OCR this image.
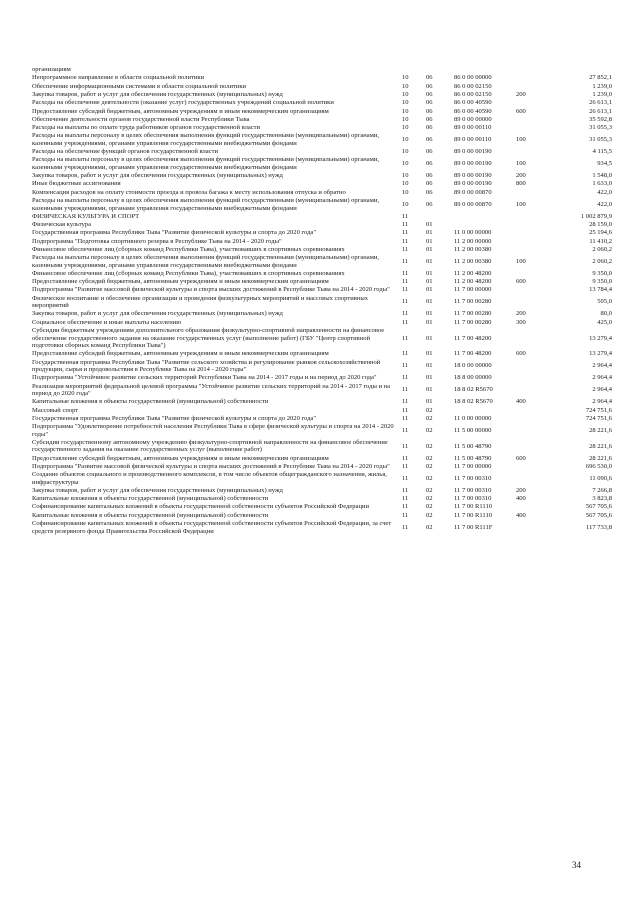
организациям
Непрограммное направление в области социальной политики	10	06	86 0 00 00000	27 852,1
Обеспечение информационными системами в области социальной политики	10	06	86 0 00 02150	1 239,0
Закупка товаров, работ и услуг для обеспечения государственных (муниципальных) нужд	10	06	86 0 00 02150	200	1 239,0
Расходы на обеспечение деятельности (оказание услуг) государственных учреждений социальной политики	10	06	86 0 00 40590	26 613,1
Предоставление субсидий бюджетным, автономным учреждениям и иным некоммерческим организациям	10	06	86 0 00 40590	600	26 613,1
Обеспечение деятельности органов государственной власти Республики Тыва	10	06	89 0 00 00000	35 592,8
Расходы на выплаты по оплате труда работников органов государственной власти	10	06	89 0 00 00110	31 055,3
Расходы на выплаты персоналу в целях обеспечения выполнения функций государственными (муниципальными) органами, казенными учреждениями, органами управления государственными внебюджетными фондами
10	06	89 0 00 00110	100	31 055,3
Расходы на обеспечение функций органов государственной власти	10	06	89 0 00 00190	4 115,5
Расходы на выплаты персоналу в целях обеспечения выполнения функций государственными (муниципальными) органами, казенными учреждениями, органами управления государственными внебюджетными фондами
10	06	89 0 00 00190	100	934,5
Закупка товаров, работ и услуг для обеспечения государственных (муниципальных) нужд	10	06	89 0 00 00190	200	1 548,0
Иные бюджетные ассигнования	10	06	89 0 00 00190	800	1 633,0
Компенсация расходов на оплату стоимости проезда и провоза багажа к месту использования отпуска и обратно	10	06	89 0 00 00870	422,0
Расходы на выплаты персоналу в целях обеспечения выполнения функций государственными (муниципальными) органами, казенными учреждениями, органами управления государственными внебюджетными фондами
10	06	89 0 00 00870	100	422,0
ФИЗИЧЕСКАЯ КУЛЬТУРА И СПОРТ	11	1 002 879,9
Физическая культура	11	01	28 159,0
Государственная программа Республики Тыва "Развитие физической культуры и спорта до 2020 года"	11	01	11 0 00 00000	25 194,6
Подпрограмма "Подготовка спортивного резерва в Республике Тыва на 2014 - 2020 годы"	11	01	11 2 00 00000	11 410,2
Финансовое обеспечение лиц (сборных команд Республики Тыва), участвовавших в спортивных соревнованиях	11	01	11 2 00 00380	2 060,2
Расходы на выплаты персоналу в целях обеспечения выполнения функций государственными (муниципальными) органами, казенными учреждениями, органами управления государственными внебюджетными фондами
11	01	11 2 00 00380	100	2 060,2
Финансовое обеспечение лиц (сборных команд Республики Тыва), участвовавших в спортивных соревнованиях	11	01	11 2 00 48200	9 350,0
Предоставление субсидий бюджетным, автономным учреждениям и иным некоммерческим организациям	11	01	11 2 00 48200	600	9 350,0
Подпрограмма "Развитие массовой физической культуры и спорта высших достижений в Республике Тыва на 2014 - 2020 годы"	11	01	11 7 00 00000	13 784,4
Физическое воспитание и обеспечение организации и проведения физкультурных мероприятий и массовых спортивных мероприятий
11	01	11 7 00 00280	505,0
Закупка товаров, работ и услуг для обеспечения государственных (муниципальных) нужд	11	01	11 7 00 00280	200	80,0
Социальное обеспечение и иные выплаты населению	11	01	11 7 00 00280	300	425,0
Субсидии бюджетным учреждениям дополнительного образования физкультурно-спортивной направленности на финансовое обеспечение государственного задания на оказание государственных услуг (выполнение работ) (ГБУ "Центр спортивной подготовки сборных команд Республики Тыва")
11	01	11 7 00 48200	13 279,4
Предоставление субсидий бюджетным, автономным учреждениям и иным некоммерческим организациям	11	01	11 7 00 48200	600	13 279,4
Государственная программа Республики Тыва "Развитие сельского хозяйства и регулирование рынков сельскохозяйственной продукции, сырья и продовольствия в Республике Тыва на 2014 - 2020 годы"
11	01	18 0 00 00000	2 964,4
Подпрограмма "Устойчивое развитие сельских территорий Республики Тыва на 2014 - 2017 годы и на период до 2020 года"	11	01	18 8 00 00000	2 964,4
Реализация мероприятий федеральной целевой программы "Устойчивое развитие сельских территорий на 2014 - 2017 годы и на период до 2020 года"
11	01	18 8 02 R5670	2 964,4
Капитальные вложения в объекты государственной (муниципальной) собственности	11	01	18 8 02 R5670	400	2 964,4
Массовый спорт	11	02	724 751,6
Государственная программа Республики Тыва "Развитие физической культуры и спорта до 2020 года"	11	02	11 0 00 00000	724 751,6
Подпрограмма "Удовлетворение потребностей населения Республики Тыва в сфере физической культуры и спорта на 2014 - 2020 годы"
11	02	11 5 00 00000	28 221,6
Субсидии государственному автономному учреждению физкультурно-спортивной направленности на финансовое обеспечение государственного задания на оказание государственных услуг (выполнение работ)
11	02	11 5 00 48790	28 221,6
Предоставление субсидий бюджетным, автономным учреждениям и иным некоммерческим организациям	11	02	11 5 00 48790	600	28 221,6
Подпрограмма "Развитие массовой физической культуры и спорта высших достижений в Республике Тыва на 2014 - 2020 годы"	11	02	11 7 00 00000	696 530,0
Создание объектов социального и производственного комплексов, в том числе объектов общегражданского назначения, жилья, инфраструктуры
11	02	11 7 00 00310	11 090,6
Закупка товаров, работ и услуг для обеспечения государственных (муниципальных) нужд	11	02	11 7 00 00310	200	7 266,8
Капитальные вложения в объекты государственной (муниципальной) собственности	11	02	11 7 00 00310	400	3 823,8
Софинансирование капитальных вложений в объекты государственной собственности субъектов Российской Федерации	11	02	11 7 00 R1110	567 705,6
Капитальные вложения в объекты государственной (муниципальной) собственности	11	02	11 7 00 R1110	400	567 705,6
Софинансирование капитальных вложений в объекты государственной собственности субъектов Российской Федерации, за счет средств резервного фонда Правительства Российской Федерации
11	02	11 7 00 R111F	117 733,8
34
